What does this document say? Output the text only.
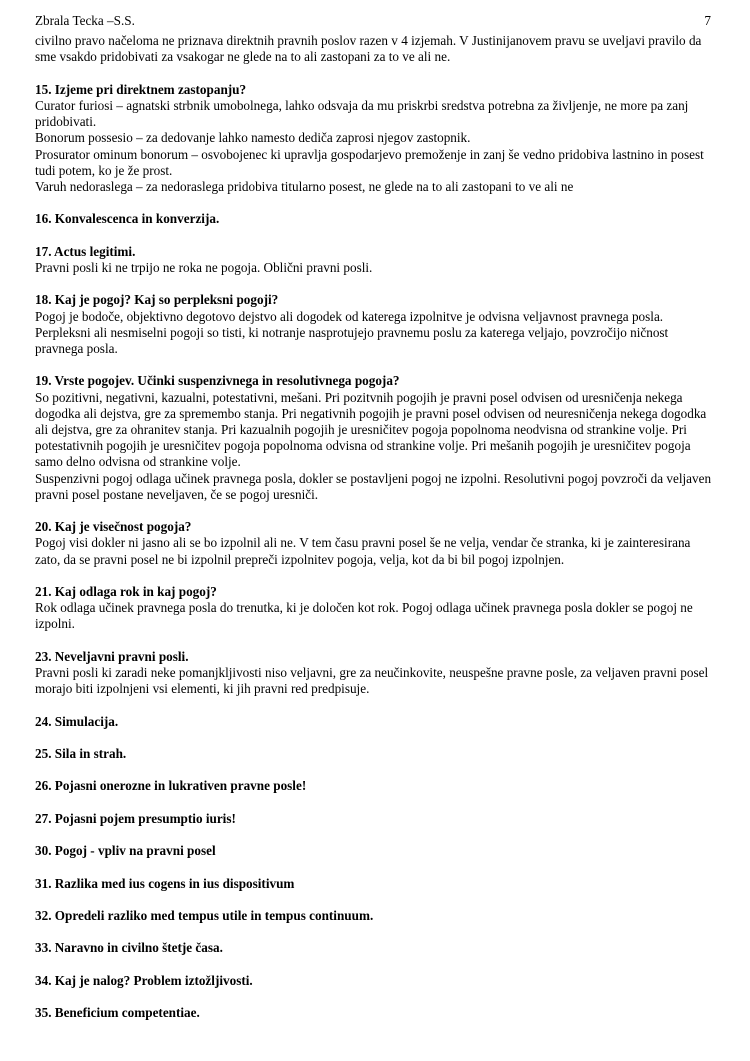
Zbrala Tecka –S.S.	7

civilno pravo načeloma ne priznava direktnih pravnih poslov razen v 4 izjemah. V Justinijanovem pravu se uveljavi pravilo da sme vsakdo pridobivati za vsakogar ne glede na to ali zastopani za to ve ali ne.

15. Izjeme pri direktnem zastopanju?

Curator furiosi – agnatski strbnik umobolnega, lahko odsvaja da mu priskrbi sredstva potrebna za življenje, ne more pa zanj pridobivati.

Bonorum possesio – za dedovanje lahko namesto dediča zaprosi njegov zastopnik.

Prosurator ominum bonorum – osvobojenec ki upravlja gospodarjevo premoženje in zanj še vedno pridobiva lastnino in posest tudi potem, ko je že prost.

Varuh nedoraslega – za nedoraslega pridobiva titularno posest, ne glede na to ali zastopani to ve ali ne

16. Konvalescenca in konverzija.

17. Actus legitimi.

Pravni posli ki ne trpijo ne roka ne pogoja. Oblični pravni posli.

18. Kaj je pogoj? Kaj so perpleksni pogoji?

Pogoj je bodoče, objektivno degotovo dejstvo ali dogodek od katerega izpolnitve je odvisna veljavnost pravnega posla.

Perpleksni ali nesmiselni pogoji so tisti, ki notranje nasprotujejo pravnemu poslu za katerega veljajo, povzročijo ničnost pravnega posla.

19. Vrste pogojev. Učinki suspenzivnega in resolutivnega pogoja?

So pozitivni, negativni, kazualni, potestativni, mešani. Pri pozitvnih pogojih je pravni posel odvisen od uresničenja nekega dogodka ali dejstva, gre za spremembo stanja. Pri negativnih pogojih je pravni posel odvisen od neuresničenja nekega dogodka ali dejstva, gre za ohranitev stanja. Pri kazualnih pogojih je uresničitev pogoja popolnoma neodvisna od strankine volje. Pri potestativnih pogojih je uresničitev pogoja popolnoma odvisna od strankine volje. Pri mešanih pogojih je uresničitev pogoja samo delno odvisna od strankine volje.

Suspenzivni pogoj odlaga učinek pravnega posla, dokler se postavljeni pogoj ne izpolni. Resolutivni pogoj povzroči da veljaven pravni posel postane neveljaven, če se pogoj uresniči.

20. Kaj je visečnost pogoja?

Pogoj visi dokler ni jasno ali se bo izpolnil ali ne. V tem času pravni posel še ne velja, vendar če stranka, ki je zainteresirana zato, da se pravni posel ne bi izpolnil prepreči izpolnitev pogoja, velja, kot da bi bil pogoj izpolnjen.

21. Kaj odlaga rok in kaj pogoj?

Rok odlaga učinek pravnega posla do trenutka, ki je določen kot rok. Pogoj odlaga učinek pravnega posla dokler se pogoj ne izpolni.

23. Neveljavni pravni posli.

Pravni posli ki zaradi neke pomanjkljivosti niso veljavni, gre za neučinkovite, neuspešne pravne posle, za veljaven pravni posel morajo biti izpolnjeni vsi elementi, ki jih pravni red predpisuje.

24. Simulacija.

25. Sila in strah.

26. Pojasni onerozne in lukrativen pravne posle!

27. Pojasni pojem presumptio iuris!

30. Pogoj - vpliv na pravni posel

31. Razlika med ius cogens in ius dispositivum

32. Opredeli razliko med tempus utile in tempus continuum.

33. Naravno in civilno štetje časa.

34. Kaj je nalog? Problem iztožljivosti.

35. Beneficium competentiae.
